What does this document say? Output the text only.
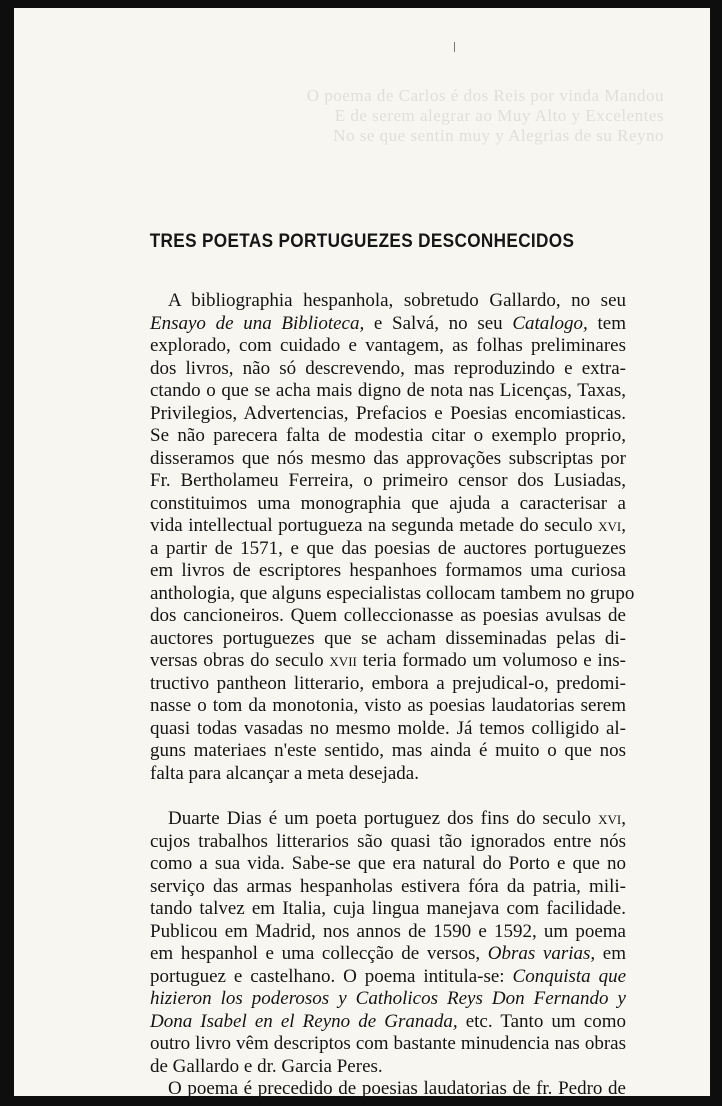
O poema de Carlos é dos Reis por vinda Mandou
E de serem alegrar ao Muy Alto y Excelentes
No se que sentin muy y Alegrias de su Reyno
TRES POETAS PORTUGUEZES DESCONHECIDOS
A bibliographia hespanhola, sobretudo Gallardo, no seu
Ensayo de una Biblioteca, e Salvá, no seu Catalogo, tem
explorado, com cuidado e vantagem, as folhas preliminares
dos livros, não só descrevendo, mas reproduzindo e extra-
ctando o que se acha mais digno de nota nas Licenças, Taxas,
Privilegios, Advertencias, Prefacios e Poesias encomiasticas.
Se não parecera falta de modestia citar o exemplo proprio,
disseramos que nós mesmo das approvações subscriptas por
Fr. Bertholameu Ferreira, o primeiro censor dos Lusiadas,
constituimos uma monographia que ajuda a caracterisar a
vida intellectual portugueza na segunda metade do seculo xvi,
a partir de 1571, e que das poesias de auctores portuguezes
em livros de escriptores hespanhoes formamos uma curiosa
anthologia, que alguns especialistas collocam tambem no grupo
dos cancioneiros. Quem colleccionasse as poesias avulsas de
auctores portuguezes que se acham disseminadas pelas di-
versas obras do seculo xvii teria formado um volumoso e ins-
tructivo pantheon litterario, embora a prejudical-o, predomi-
nasse o tom da monotonia, visto as poesias laudatorias serem
quasi todas vasadas no mesmo molde. Já temos colligido al-
guns materiaes n'este sentido, mas ainda é muito o que nos
falta para alcançar a meta desejada.
Duarte Dias é um poeta portuguez dos fins do seculo xvi,
cujos trabalhos litterarios são quasi tão ignorados entre nós
como a sua vida. Sabe-se que era natural do Porto e que no
serviço das armas hespanholas estivera fóra da patria, mili-
tando talvez em Italia, cuja lingua manejava com facilidade.
Publicou em Madrid, nos annos de 1590 e 1592, um poema
em hespanhol e uma collecção de versos, Obras varias, em
portuguez e castelhano. O poema intitula-se: Conquista que
hizieron los poderosos y Catholicos Reys Don Fernando y
Dona Isabel en el Reyno de Granada, etc. Tanto um como
outro livro vêm descriptos com bastante minudencia nas obras
de Gallardo e dr. Garcia Peres.
O poema é precedido de poesias laudatorias de fr. Pedro de
